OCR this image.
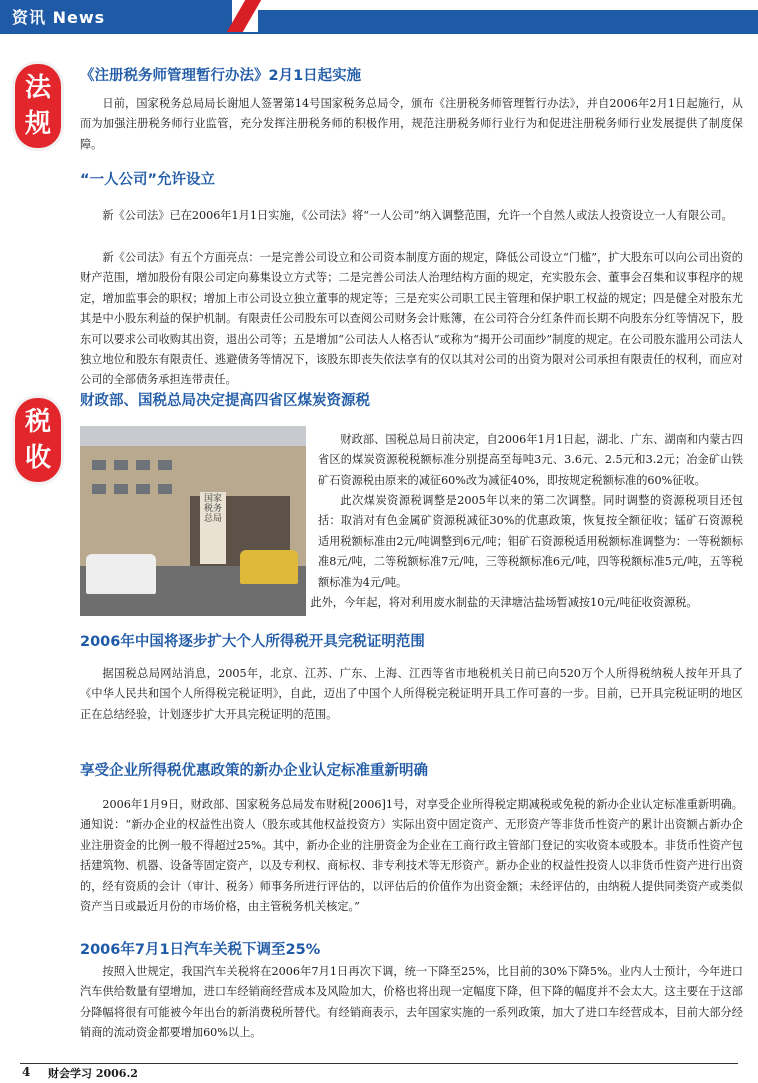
资讯 News
法
规
税
收
《注册税务师管理暂行办法》2月1日起实施

日前，国家税务总局局长谢旭人签署第14号国家税务总局令，颁布《注册税务师管理暂行办法》，并自2006年2月1日起施行，从而为加强注册税务师行业监管，充分发挥注册税务师的积极作用，规范注册税务师行业行为和促进注册税务师行业发展提供了制度保障。

“一人公司”允许设立

新《公司法》已在2006年1月1日实施，《公司法》将“一人公司”纳入调整范围，允许一个自然人或法人投资设立一人有限公司。

新《公司法》有五个方面亮点：一是完善公司设立和公司资本制度方面的规定，降低公司设立“门槛”，扩大股东可以向公司出资的财产范围，增加股份有限公司定向募集设立方式等；二是完善公司法人治理结构方面的规定，充实股东会、董事会召集和议事程序的规定，增加监事会的职权；增加上市公司设立独立董事的规定等；三是充实公司职工民主管理和保护职工权益的规定；四是健全对股东尤其是中小股东利益的保护机制。有限责任公司股东可以查阅公司财务会计账簿，在公司符合分红条件而长期不向股东分红等情况下，股东可以要求公司收购其出资，退出公司等；五是增加“公司法人人格否认”或称为“揭开公司面纱”制度的规定。在公司股东滥用公司法人独立地位和股东有限责任、逃避债务等情况下，该股东即丧失依法享有的仅以其对公司的出资为限对公司承担有限责任的权利，而应对公司的全部债务承担连带责任。

财政部、国税总局决定提高四省区煤炭资源税
国家税务总局

财政部、国税总局日前决定，自2006年1月1日起，湖北、广东、湖南和内蒙古四省区的煤炭资源税税额标准分别提高至每吨3元、3.6元、2.5元和3.2元；冶金矿山铁矿石资源税由原来的减征60%改为减征40%，即按规定税额标准的60%征收。

此次煤炭资源税调整是2005年以来的第二次调整。同时调整的资源税项目还包括：取消对有色金属矿资源税减征30%的优惠政策，恢复按全额征收；锰矿石资源税适用税额标准由2元/吨调整到6元/吨；钼矿石资源税适用税额标准调整为：一等税额标准8元/吨，二等税额标准7元/吨，三等税额标准6元/吨，四等税额标准5元/吨，五等税额标准为4元/吨。

此外，今年起，将对利用废水制盐的天津塘沽盐场暂减按10元/吨征收资源税。

2006年中国将逐步扩大个人所得税开具完税证明范围

据国税总局网站消息，2005年，北京、江苏、广东、上海、江西等省市地税机关日前已向520万个人所得税纳税人按年开具了《中华人民共和国个人所得税完税证明》，自此，迈出了中国个人所得税完税证明开具工作可喜的一步。目前，已开具完税证明的地区正在总结经验，计划逐步扩大开具完税证明的范围。

享受企业所得税优惠政策的新办企业认定标准重新明确

2006年1月9日，财政部、国家税务总局发布财税[2006]1号，对享受企业所得税定期减税或免税的新办企业认定标准重新明确。通知说：“新办企业的权益性出资人（股东或其他权益投资方）实际出资中固定资产、无形资产等非货币性资产的累计出资额占新办企业注册资金的比例一般不得超过25%。其中，新办企业的注册资金为企业在工商行政主管部门登记的实收资本或股本。非货币性资产包括建筑物、机器、设备等固定资产，以及专利权、商标权、非专利技术等无形资产。新办企业的权益性投资人以非货币性资产进行出资的，经有资质的会计（审计、税务）师事务所进行评估的，以评估后的价值作为出资金额；未经评估的，由纳税人提供同类资产或类似资产当日或最近月份的市场价格，由主管税务机关核定。”

2006年7月1日汽车关税下调至25%

按照入世规定，我国汽车关税将在2006年7月1日再次下调，统一下降至25%，比目前的30%下降5%。业内人士预计，今年进口汽车供给数量有望增加，进口车经销商经营成本及风险加大，价格也将出现一定幅度下降，但下降的幅度并不会太大。这主要在于这部分降幅将很有可能被今年出台的新消费税所替代。有经销商表示，去年国家实施的一系列政策，加大了进口车经营成本，目前大部分经销商的流动资金都要增加60%以上。

4 财会学习 2006.2
